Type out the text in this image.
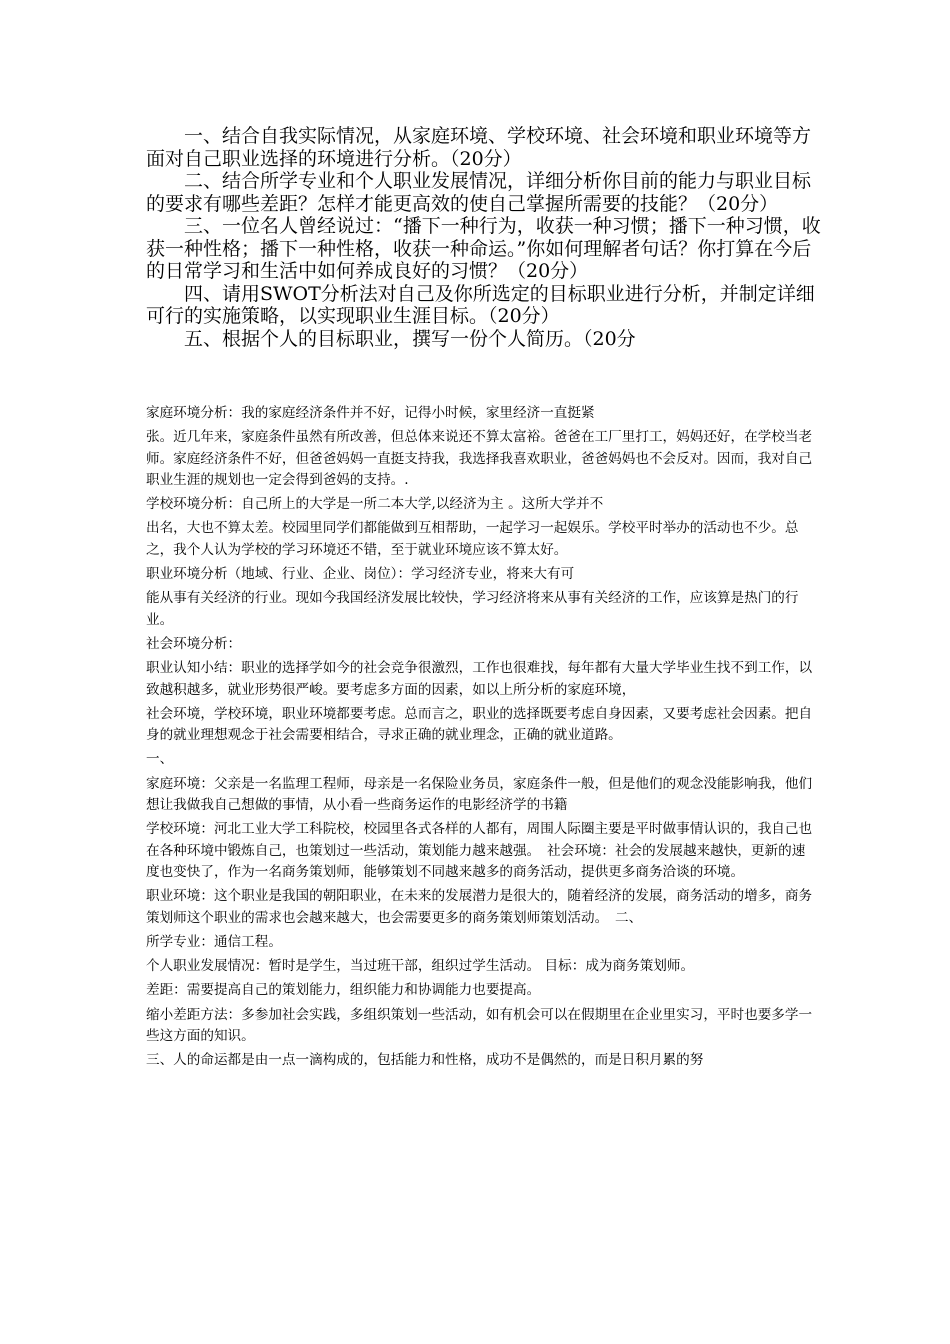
一、结合自我实际情况，从家庭环境、学校环境、社会环境和职业环境等方面对自己职业选择的环境进行分析。（20分）

二、结合所学专业和个人职业发展情况，详细分析你目前的能力与职业目标的要求有哪些差距？怎样才能更高效的使自己掌握所需要的技能？（20分）

三、一位名人曾经说过：“播下一种行为，收获一种习惯；播下一种习惯，收获一种性格；播下一种性格，收获一种命运。”你如何理解者句话？你打算在今后的日常学习和生活中如何养成良好的习惯？（20分）

四、请用SWOT分析法对自己及你所选定的目标职业进行分析，并制定详细可行的实施策略，以实现职业生涯目标。（20分）

五、根据个人的目标职业，撰写一份个人简历。（20分

家庭环境分析：我的家庭经济条件并不好，记得小时候，家里经济一直挺紧

张。近几年来，家庭条件虽然有所改善，但总体来说还不算太富裕。爸爸在工厂里打工，妈妈还好，在学校当老师。家庭经济条件不好，但爸爸妈妈一直挺支持我，我选择我喜欢职业，爸爸妈妈也不会反对。因而，我对自己职业生涯的规划也一定会得到爸妈的支持。.

学校环境分析：自己所上的大学是一所二本大学,以经济为主 。这所大学并不

出名，大也不算太差。校园里同学们都能做到互相帮助，一起学习一起娱乐。学校平时举办的活动也不少。总之，我个人认为学校的学习环境还不错，至于就业环境应该不算太好。

职业环境分析（地域、行业、企业、岗位）：学习经济专业，将来大有可

能从事有关经济的行业。现如今我国经济发展比较快，学习经济将来从事有关经济的工作，应该算是热门的行业。

社会环境分析：

职业认知小结：职业的选择学如今的社会竞争很激烈，工作也很难找，每年都有大量大学毕业生找不到工作，以致越积越多，就业形势很严峻。要考虑多方面的因素，如以上所分析的家庭环境，

社会环境，学校环境，职业环境都要考虑。总而言之，职业的选择既要考虑自身因素，又要考虑社会因素。把自身的就业理想观念于社会需要相结合，寻求正确的就业理念，正确的就业道路。

一、

家庭环境：父亲是一名监理工程师，母亲是一名保险业务员，家庭条件一般，但是他们的观念没能影响我，他们想让我做我自己想做的事情，从小看一些商务运作的电影经济学的书籍

学校环境：河北工业大学工科院校，校园里各式各样的人都有，周围人际圈主要是平时做事情认识的，我自己也在各种环境中锻炼自己，也策划过一些活动，策划能力越来越强。　社会环境：社会的发展越来越快，更新的速度也变快了，作为一名商务策划师，能够策划不同越来越多的商务活动，提供更多商务洽谈的环境。

职业环境：这个职业是我国的朝阳职业，在未来的发展潜力是很大的，随着经济的发展，商务活动的增多，商务策划师这个职业的需求也会越来越大，也会需要更多的商务策划师策划活动。　二、

所学专业：通信工程。

个人职业发展情况：暂时是学生，当过班干部，组织过学生活动。 目标：成为商务策划师。

差距：需要提高自己的策划能力，组织能力和协调能力也要提高。

缩小差距方法：多参加社会实践，多组织策划一些活动，如有机会可以在假期里在企业里实习，平时也要多学一些这方面的知识。

三、人的命运都是由一点一滴构成的，包括能力和性格，成功不是偶然的，而是日积月累的努
